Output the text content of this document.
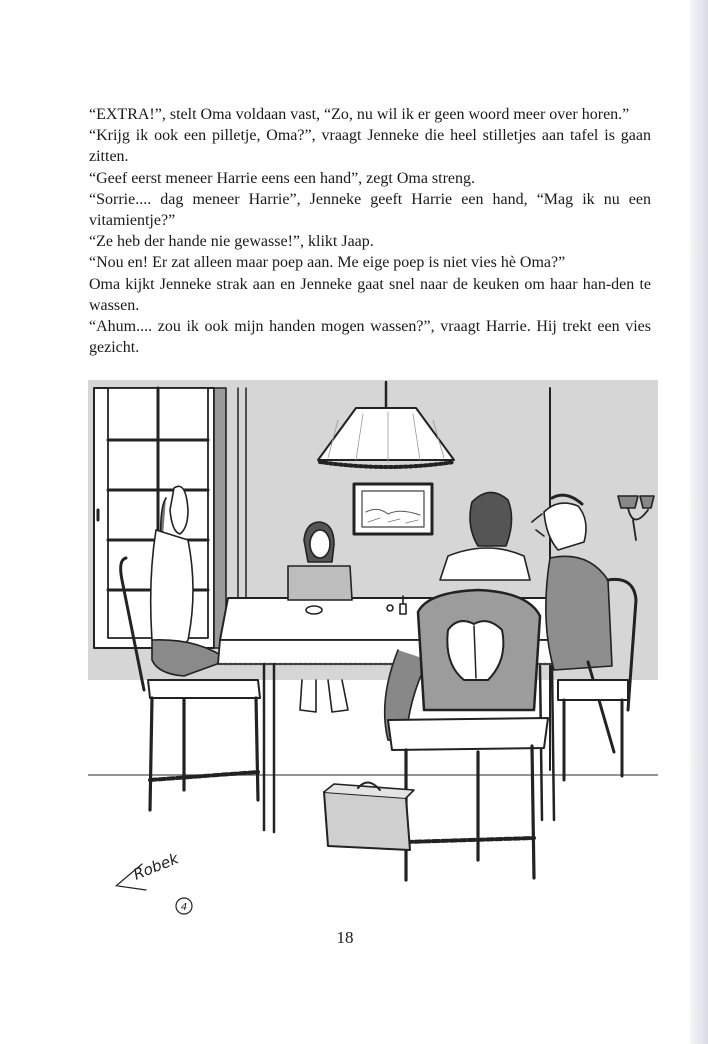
“EXTRA!”, stelt Oma voldaan vast, “Zo, nu wil ik er geen woord meer over horen.”

“Krijg ik ook een pilletje, Oma?”, vraagt Jenneke die heel stilletjes aan tafel is gaan zitten.

“Geef eerst meneer Harrie eens een hand”, zegt Oma streng.

“Sorrie.... dag meneer Harrie”, Jenneke geeft Harrie een hand, “Mag ik nu een vitamientje?”

“Ze heb der hande nie gewasse!”, klikt Jaap.

“Nou en! Er zat alleen maar poep aan. Me eige poep is niet vies hè Oma?”

Oma kijkt Jenneke strak aan en Jenneke gaat snel naar de keuken om haar han-den te wassen.

“Ahum.... zou ik ook mijn handen mogen wassen?”, vraagt Harrie. Hij trekt een vies gezicht.

Robek
4
18
